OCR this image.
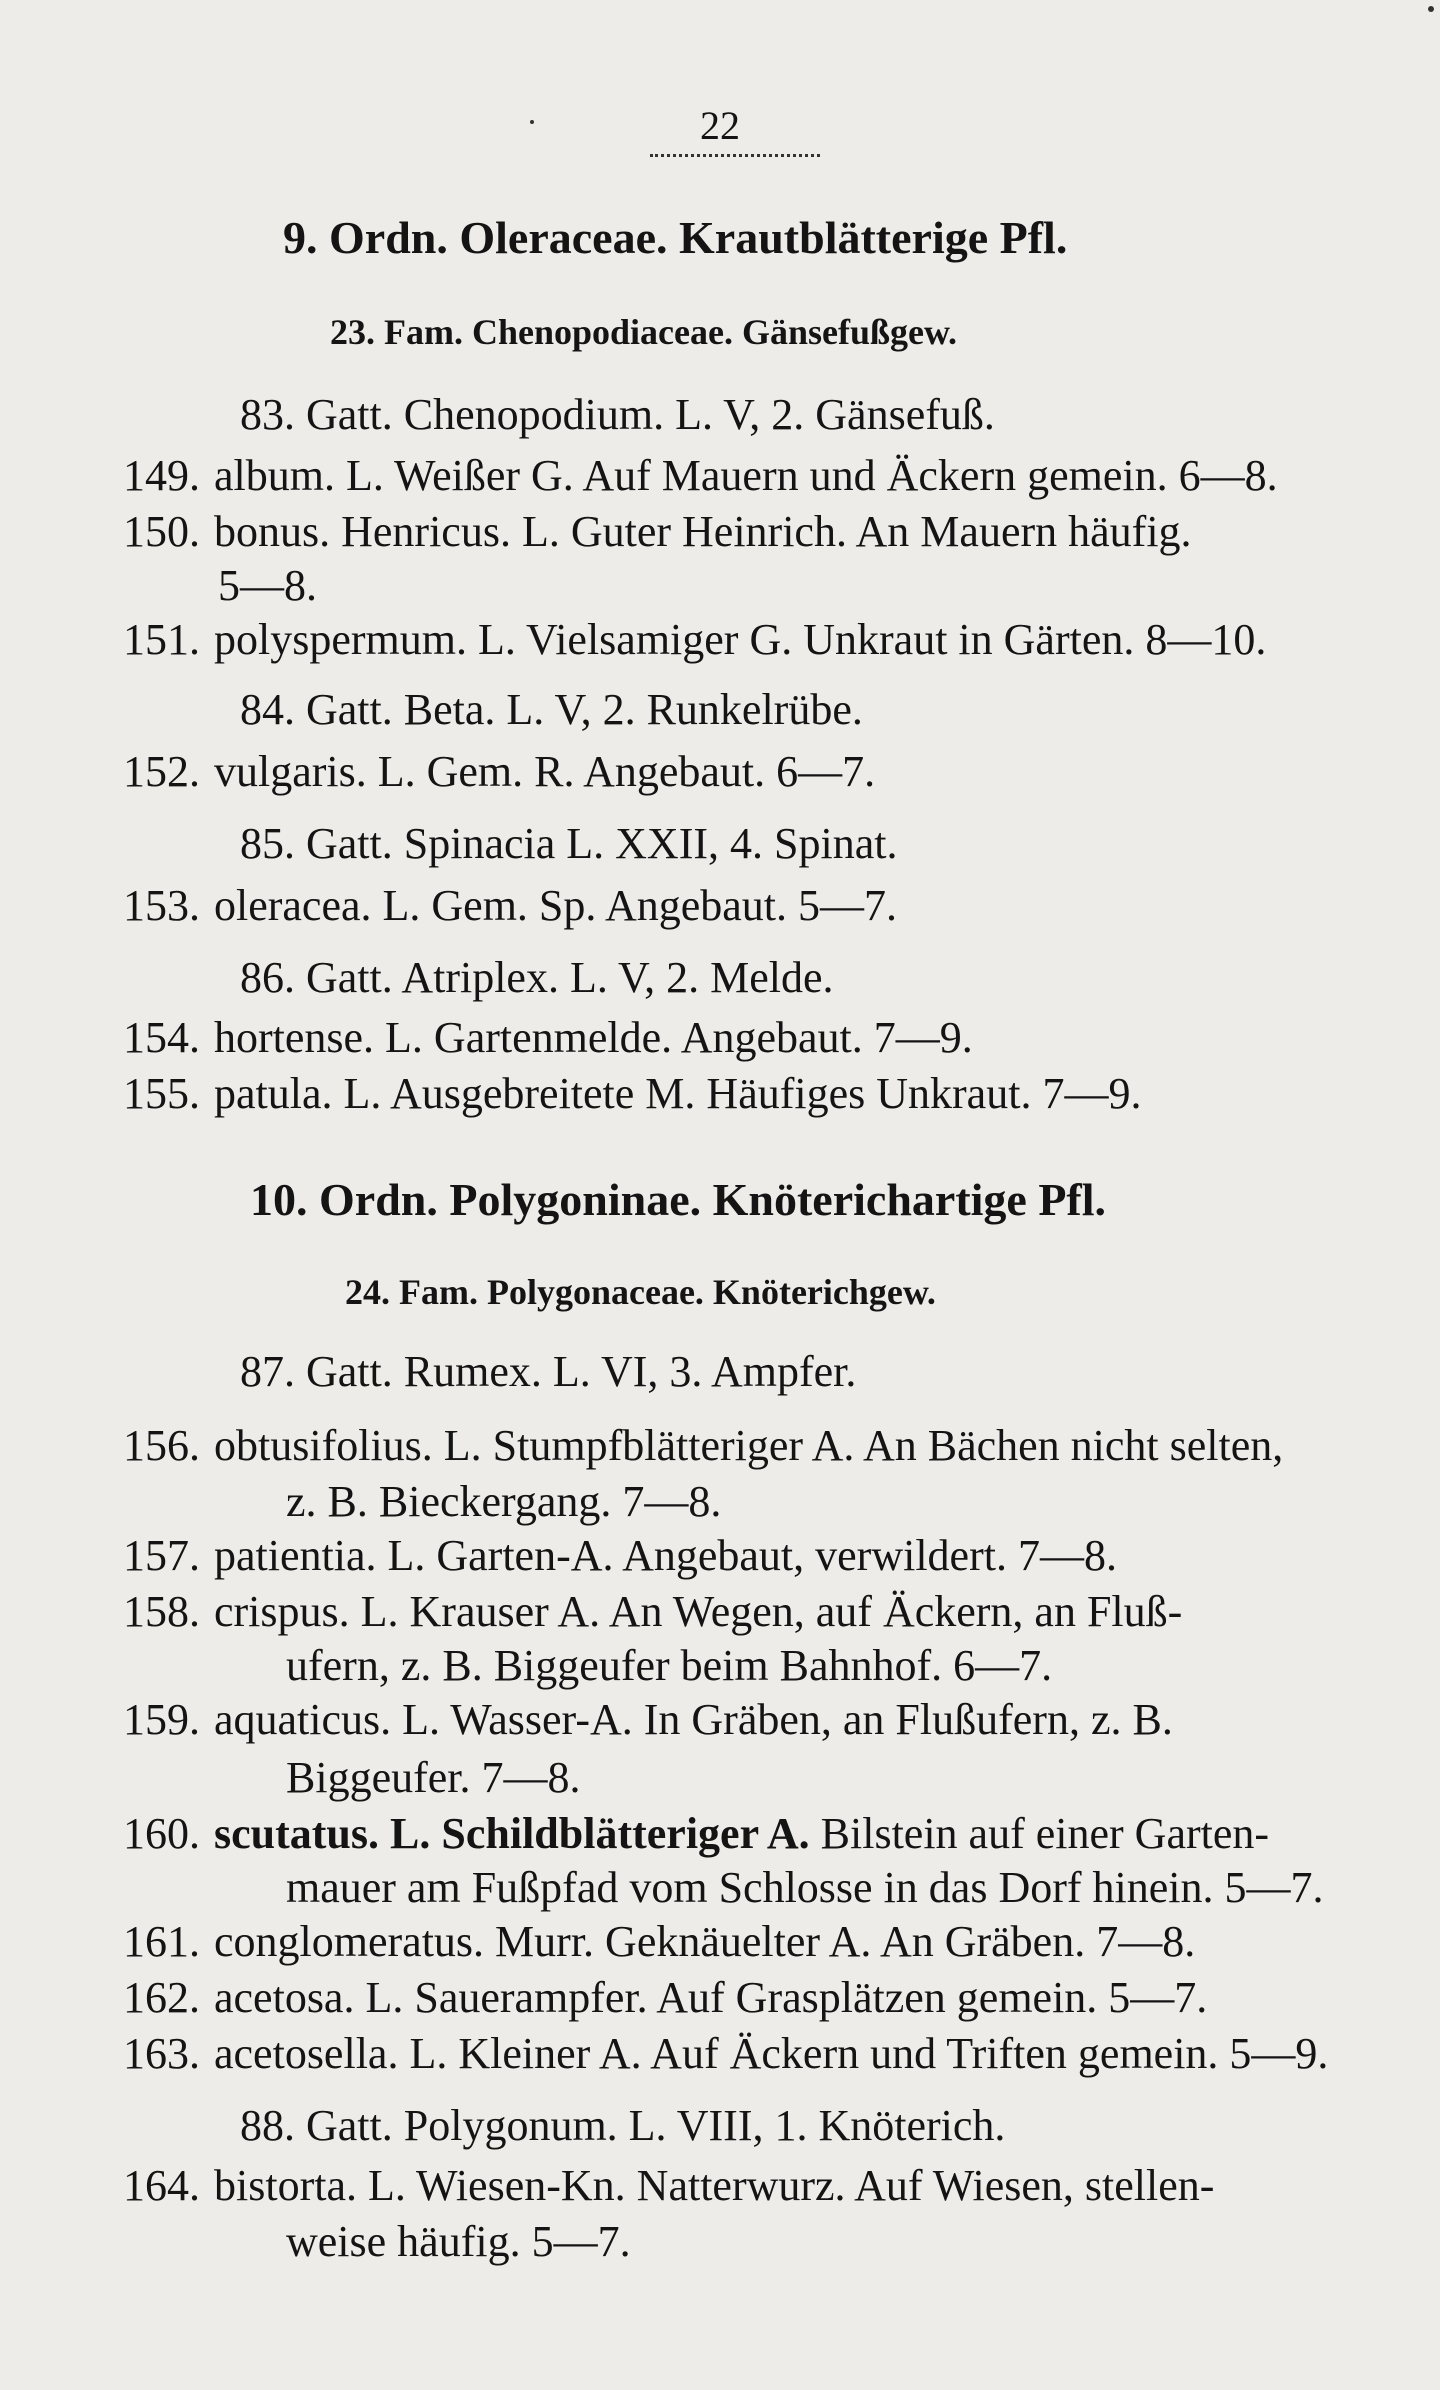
22
9. Ordn. Oleraceae. Krautblätterige Pfl.
23. Fam. Chenopodiaceae. Gänsefußgew.
83. Gatt. Chenopodium. L. V, 2. Gänsefuß.
149. album. L. Weißer G. Auf Mauern und Äckern gemein. 6—8.
150. bonus. Henricus. L. Guter Heinrich. An Mauern häufig.
5—8.
151. polyspermum. L. Vielsamiger G. Unkraut in Gärten. 8—10.
84. Gatt. Beta. L. V, 2. Runkelrübe.
152. vulgaris. L. Gem. R. Angebaut. 6—7.
85. Gatt. Spinacia L. XXII, 4. Spinat.
153. oleracea. L. Gem. Sp. Angebaut. 5—7.
86. Gatt. Atriplex. L. V, 2. Melde.
154. hortense. L. Gartenmelde. Angebaut. 7—9.
155. patula. L. Ausgebreitete M. Häufiges Unkraut. 7—9.
10. Ordn. Polygoninae. Knöterichartige Pfl.
24. Fam. Polygonaceae. Knöterichgew.
87. Gatt. Rumex. L. VI, 3. Ampfer.
156. obtusifolius. L. Stumpfblätteriger A. An Bächen nicht selten,
z. B. Bieckergang. 7—8.
157. patientia. L. Garten-A. Angebaut, verwildert. 7—8.
158. crispus. L. Krauser A. An Wegen, auf Äckern, an Fluß-
ufern, z. B. Biggeufer beim Bahnhof. 6—7.
159. aquaticus. L. Wasser-A. In Gräben, an Flußufern, z. B.
Biggeufer. 7—8.
160. scutatus. L. Schildblätteriger A. Bilstein auf einer Garten-
mauer am Fußpfad vom Schlosse in das Dorf hinein. 5—7.
161. conglomeratus. Murr. Geknäuelter A. An Gräben. 7—8.
162. acetosa. L. Sauerampfer. Auf Grasplätzen gemein. 5—7.
163. acetosella. L. Kleiner A. Auf Äckern und Triften gemein. 5—9.
88. Gatt. Polygonum. L. VIII, 1. Knöterich.
164. bistorta. L. Wiesen-Kn. Natterwurz. Auf Wiesen, stellen-
weise häufig. 5—7.
